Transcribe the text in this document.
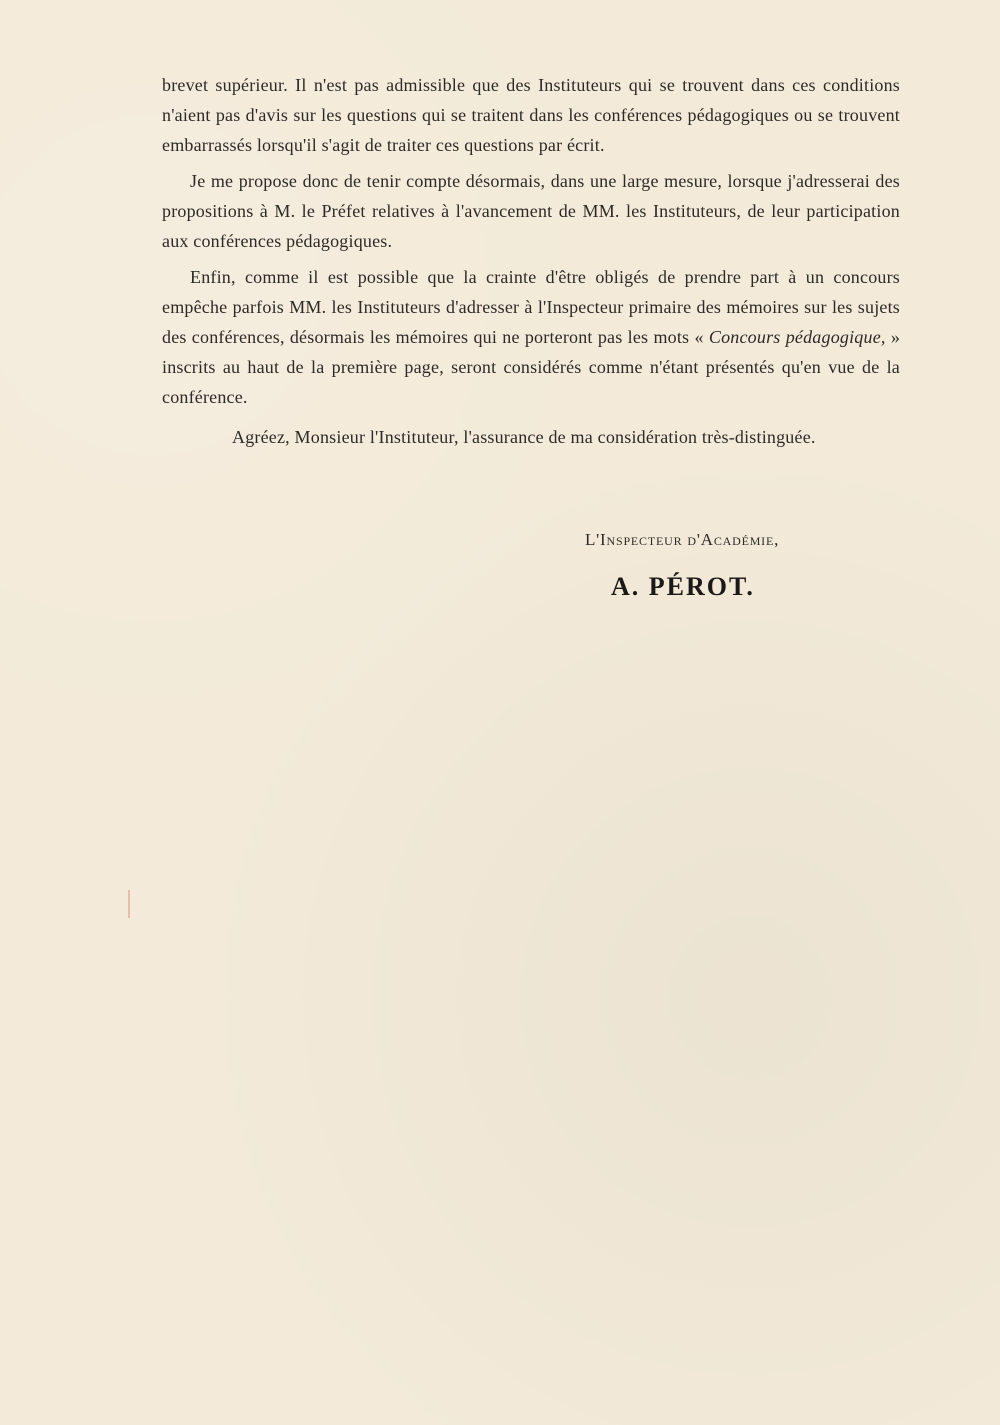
brevet supérieur. Il n'est pas admissible que des Instituteurs qui se trouvent dans ces conditions n'aient pas d'avis sur les questions qui se traitent dans les conférences pédagogiques ou se trouvent embarrassés lorsqu'il s'agit de traiter ces questions par écrit.

Je me propose donc de tenir compte désormais, dans une large mesure, lorsque j'adresserai des propositions à M. le Préfet relatives à l'avancement de MM. les Instituteurs, de leur participation aux conférences pédagogiques.

Enfin, comme il est possible que la crainte d'être obligés de prendre part à un concours empêche parfois MM. les Instituteurs d'adresser à l'Inspecteur primaire des mémoires sur les sujets des conférences, désormais les mémoires qui ne porteront pas les mots « Concours pédagogique, » inscrits au haut de la première page, seront considérés comme n'étant présentés qu'en vue de la conférence.

Agréez, Monsieur l'Instituteur, l'assurance de ma considération très-distinguée.

L'Inspecteur d'Académie,
A. PÉROT.
